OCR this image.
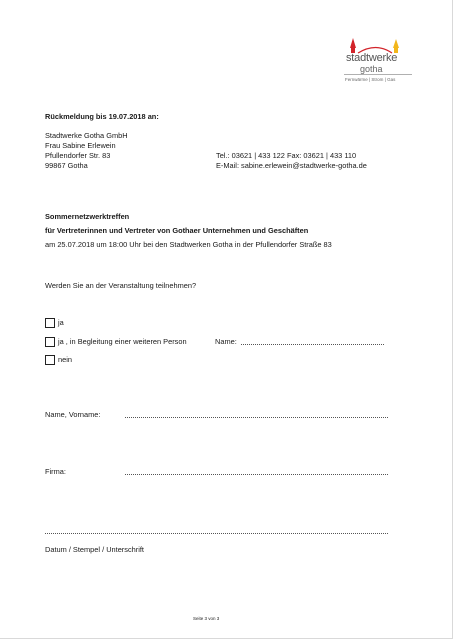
stadtwerke
gotha
Fernwärme | Strom | Gas
Rückmeldung bis 19.07.2018 an:
Stadtwerke Gotha GmbH
Frau Sabine Erlewein
Pfullendorfer Str. 83
99867 Gotha
Tel.: 03621 | 433 122 Fax: 03621 | 433 110
E-Mail: sabine.erlewein@stadtwerke-gotha.de
Sommernetzwerktreffen
für Vertreterinnen und Vertreter von Gothaer Unternehmen und Geschäften
am 25.07.2018 um 18:00 Uhr bei den Stadtwerken Gotha in der Pfullendorfer Straße 83
Werden Sie an der Veranstaltung teilnehmen?
ja
ja , in Begleitung einer weiteren Person	Name:
nein
Name, Vorname:
Firma:
Datum / Stempel / Unterschrift
Seite 3 von 3
